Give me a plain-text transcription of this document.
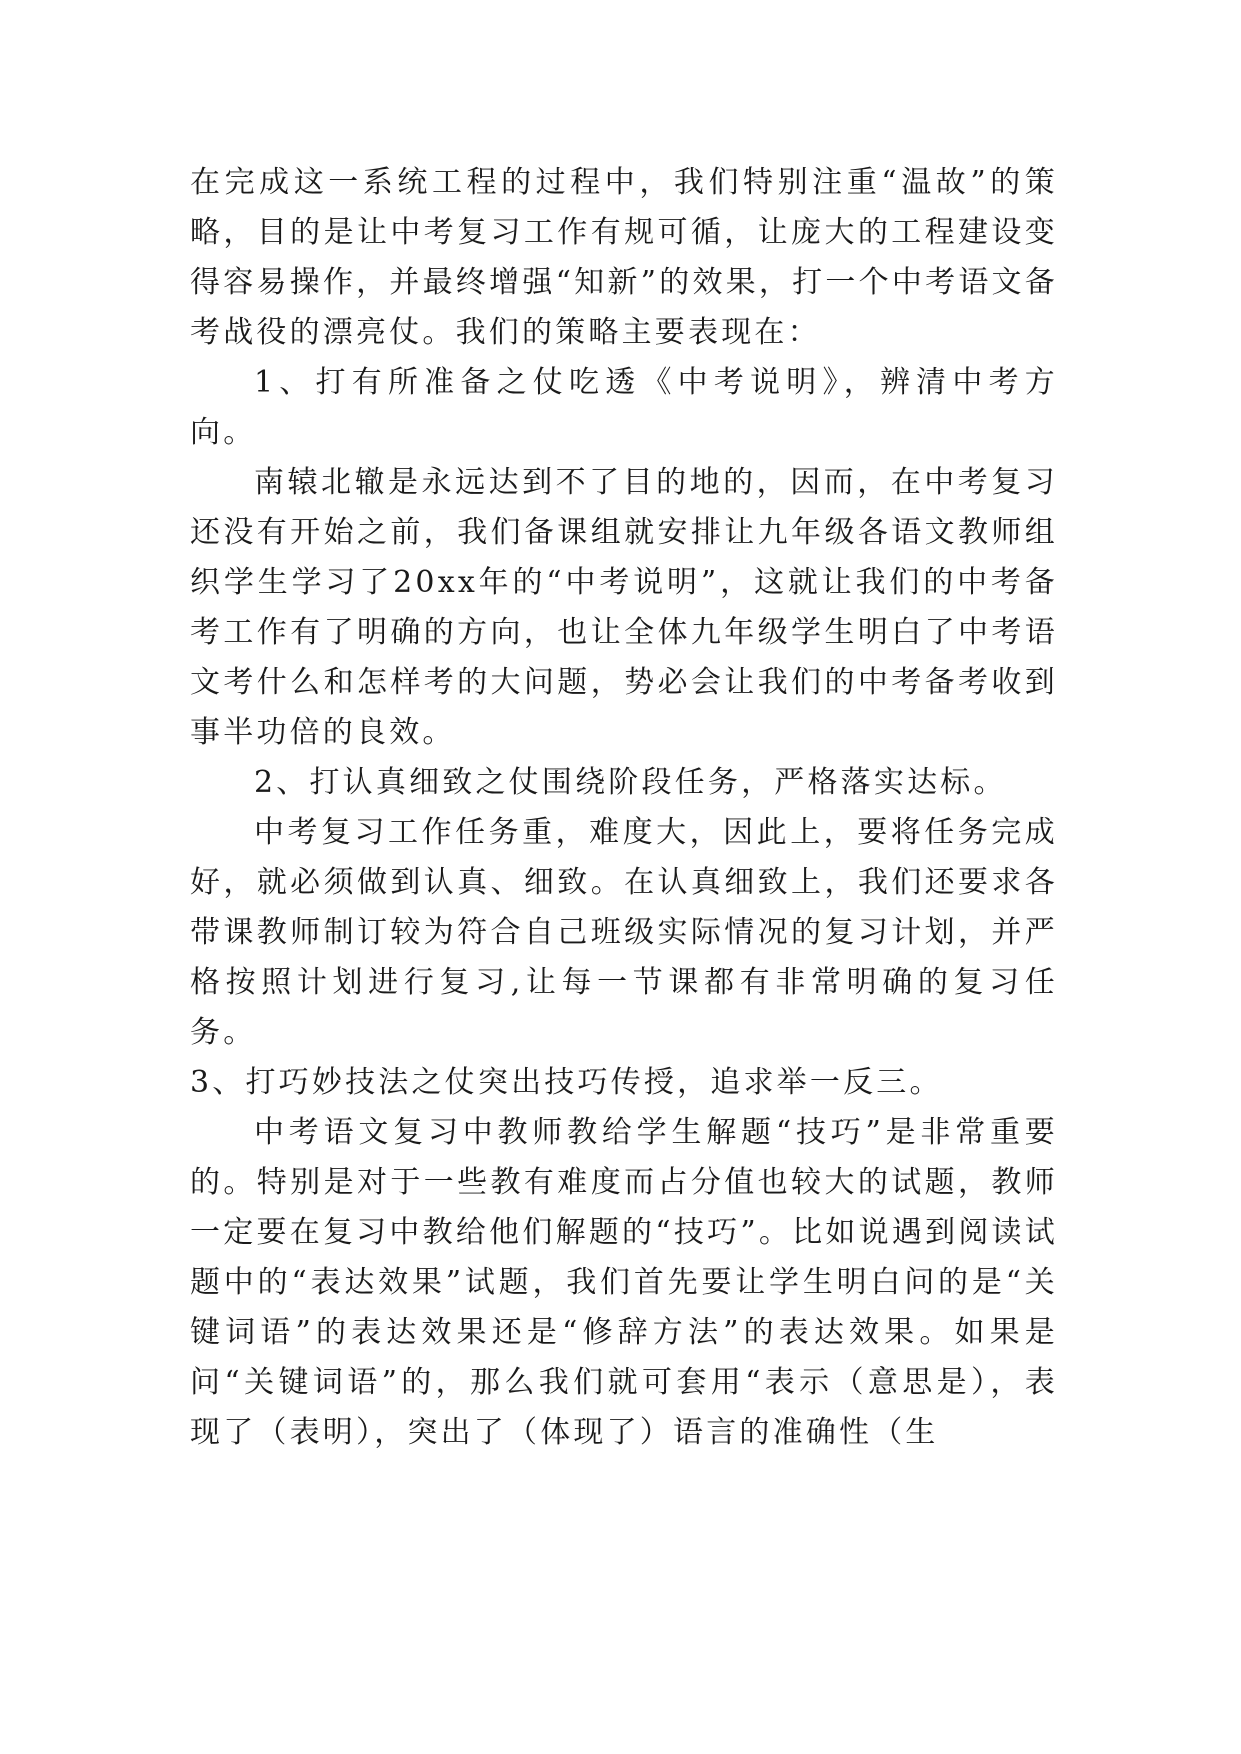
在完成这一系统工程的过程中，我们特别注重“温故”的策略，目的是让中考复习工作有规可循，让庞大的工程建设变得容易操作，并最终增强“知新”的效果，打一个中考语文备考战役的漂亮仗。我们的策略主要表现在：

1、打有所准备之仗吃透《中考说明》，辨清中考方向。

南辕北辙是永远达到不了目的地的，因而，在中考复习还没有开始之前，我们备课组就安排让九年级各语文教师组织学生学习了20xx年的“中考说明”，这就让我们的中考备考工作有了明确的方向，也让全体九年级学生明白了中考语文考什么和怎样考的大问题，势必会让我们的中考备考收到事半功倍的良效。

2、打认真细致之仗围绕阶段任务，严格落实达标。

中考复习工作任务重，难度大，因此上，要将任务完成好，就必须做到认真、细致。在认真细致上，我们还要求各带课教师制订较为符合自己班级实际情况的复习计划，并严格按照计划进行复习,让每一节课都有非常明确的复习任务。

3、打巧妙技法之仗突出技巧传授，追求举一反三。

中考语文复习中教师教给学生解题“技巧”是非常重要的。特别是对于一些教有难度而占分值也较大的试题，教师一定要在复习中教给他们解题的“技巧”。比如说遇到阅读试题中的“表达效果”试题，我们首先要让学生明白问的是“关键词语”的表达效果还是“修辞方法”的表达效果。如果是问“关键词语”的，那么我们就可套用“表示（意思是），表现了（表明），突出了（体现了）语言的准确性（生
